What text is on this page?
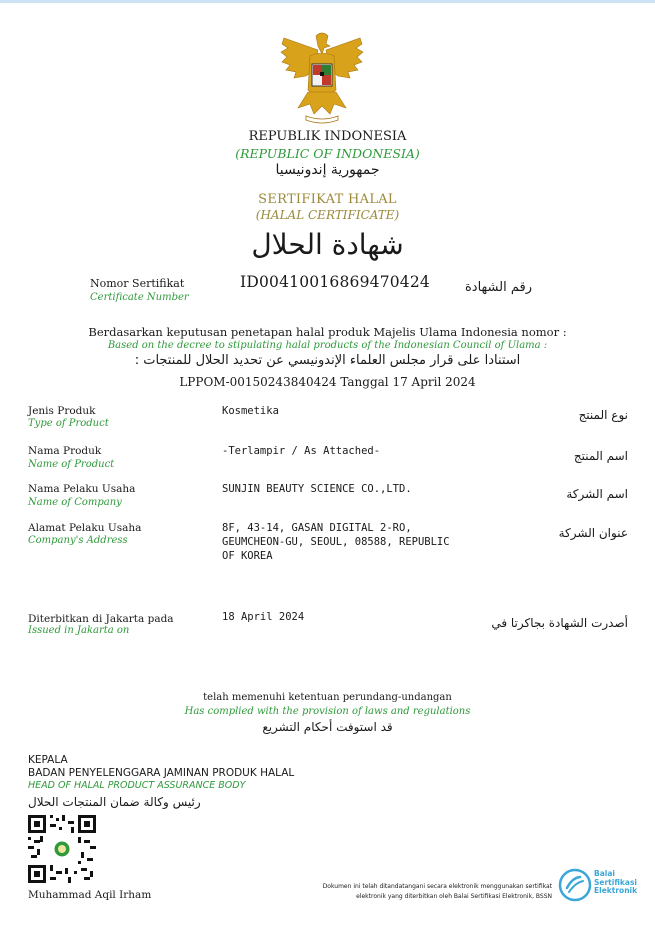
REPUBLIK INDONESIA
(REPUBLIC OF INDONESIA)
جمهورية إندونيسيا
SERTIFIKAT HALAL
(HALAL CERTIFICATE)
شهادة الحلال
Nomor Sertifikat
Certificate Number
ID00410016869470424	رقم الشهادة
Berdasarkan keputusan penetapan halal produk Majelis Ulama Indonesia nomor :
Based on the decree to stipulating halal products of the Indonesian Council of Ulama :
استنادا على قرار مجلس العلماء الإندونيسي عن تحديد الحلال للمنتجات :
LPPOM-00150243840424 Tanggal 17 April 2024
Jenis Produk
Type of Product
Kosmetika	نوع المنتج
Nama Produk
Name of Product
-Terlampir / As Attached-	اسم المنتج
Nama Pelaku Usaha
Name of Company
SUNJIN BEAUTY SCIENCE CO.,LTD.	اسم الشركة
Alamat Pelaku Usaha
Company's Address
8F, 43-14, GASAN DIGITAL 2-RO,
GEUMCHEON-GU, SEOUL, 08588, REPUBLIC
OF KOREA
عنوان الشركة
Diterbitkan di Jakarta pada
Issued in Jakarta on
18 April 2024	أصدرت الشهادة بجاكرتا في
telah memenuhi ketentuan perundang-undangan
Has complied with the provision of laws and regulations
قد استوفت أحكام التشريع
KEPALA
BADAN PENYELENGGARA JAMINAN PRODUK HALAL
HEAD OF HALAL PRODUCT ASSURANCE BODY
رئيس وكالة ضمان المنتجات الحلال
Muhammad Aqil Irham
Dokumen ini telah ditandatangani secara elektronik menggunakan sertifikat
elektronik yang diterbitkan oleh Balai Sertifikasi Elektronik, BSSN
Balai
Sertifikasi
Elektronik
